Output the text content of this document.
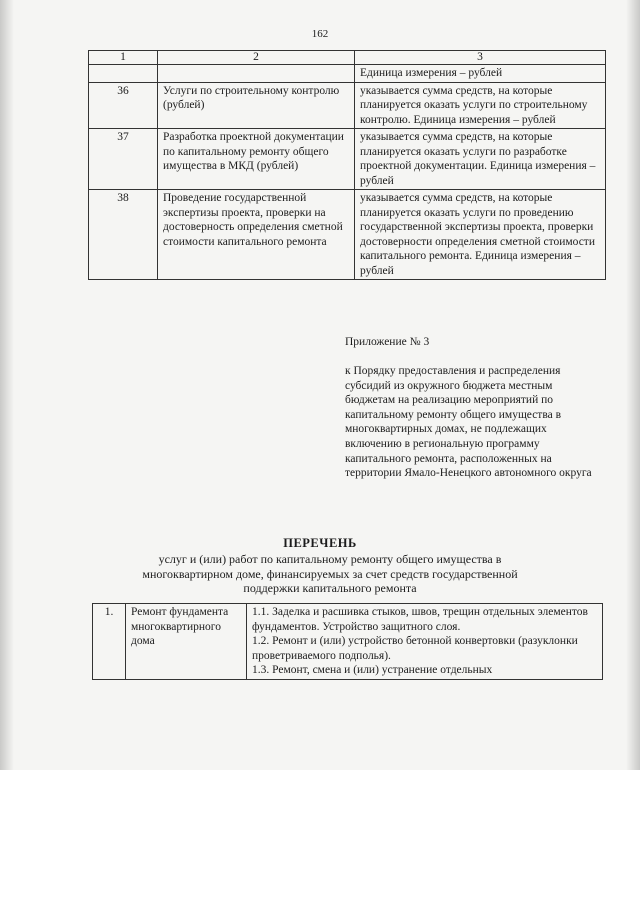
162
1	2	3
		Единица измерения – рублей
36	Услуги по строительному контролю (рублей)	указывается сумма средств, на которые планируется оказать услуги по строительному контролю. Единица измерения – рублей
37	Разработка проектной документации по капитальному ремонту общего имущества в МКД (рублей)	указывается сумма средств, на которые планируется оказать услуги по разработке проектной документации. Единица измерения – рублей
38	Проведение государственной экспертизы проекта, проверки на достоверность определения сметной стоимости капитального ремонта	указывается сумма средств, на которые планируется оказать услуги по проведению государственной экспертизы проекта, проверки достоверности определения сметной стоимости капитального ремонта. Единица измерения – рублей
Приложение № 3
к Порядку предоставления и распределения субсидий из окружного бюджета местным бюджетам на реализацию мероприятий по капитальному ремонту общего имущества в многоквартирных домах, не подлежащих включению в региональную программу капитального ремонта, расположенных на территории Ямало-Ненецкого автономного округа
ПЕРЕЧЕНЬ
услуг и (или) работ по капитальному ремонту общего имущества в многоквартирном доме, финансируемых за счет средств государственной поддержки капитального ремонта
1.	Ремонт фундамента многоквартирного дома	1.1. Заделка и расшивка стыков, швов, трещин отдельных элементов фундаментов. Устройство защитного слоя.
1.2. Ремонт и (или) устройство бетонной конвертовки (разуклонки проветриваемого подполья).
1.3. Ремонт, смена и (или) устранение отдельных
